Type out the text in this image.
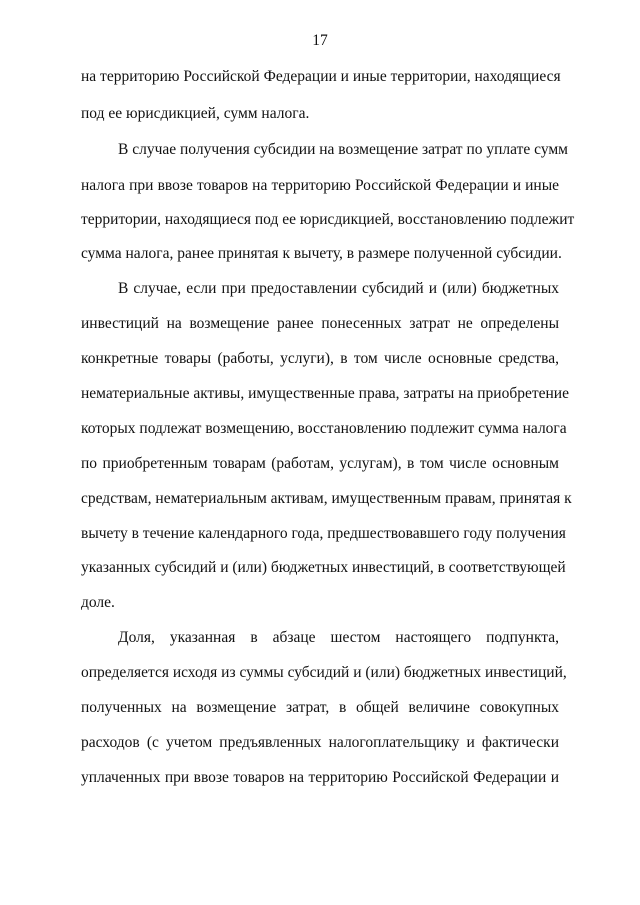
17
на территорию Российской Федерации и иные территории, находящиеся
под ее юрисдикцией, сумм налога.
В случае получения субсидии на возмещение затрат по уплате сумм
налога при ввозе товаров на территорию Российской Федерации и иные
территории, находящиеся под ее юрисдикцией, восстановлению подлежит
сумма налога, ранее принятая к вычету, в размере полученной субсидии.
В случае, если при предоставлении субсидий и (или) бюджетных
инвестиций на возмещение ранее понесенных затрат не определены
конкретные товары (работы, услуги), в том числе основные средства,
нематериальные активы, имущественные права, затраты на приобретение
которых подлежат возмещению, восстановлению подлежит сумма налога
по приобретенным товарам (работам, услугам), в том числе основным
средствам, нематериальным активам, имущественным правам, принятая к
вычету в течение календарного года, предшествовавшего году получения
указанных субсидий и (или) бюджетных инвестиций, в соответствующей
доле.
Доля, указанная в абзаце шестом настоящего подпункта,
определяется исходя из суммы субсидий и (или) бюджетных инвестиций,
полученных на возмещение затрат, в общей величине совокупных
расходов (с учетом предъявленных налогоплательщику и фактически
уплаченных при ввозе товаров на территорию Российской Федерации и
